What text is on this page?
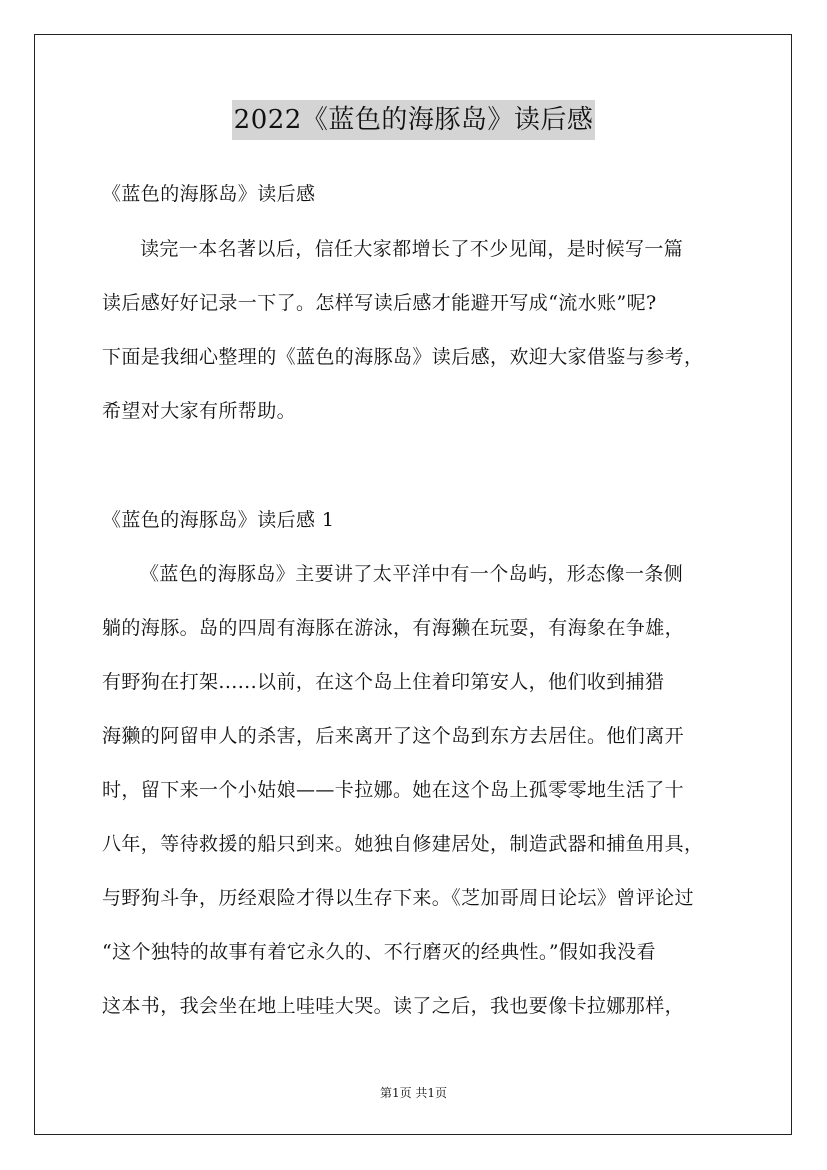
2022《蓝色的海豚岛》读后感
《蓝色的海豚岛》读后感
读完一本名著以后，信任大家都增长了不少见闻，是时候写一篇
读后感好好记录一下了。怎样写读后感才能避开写成“流水账”呢?
下面是我细心整理的《蓝色的海豚岛》读后感，欢迎大家借鉴与参考，
希望对大家有所帮助。
《蓝色的海豚岛》读后感 1
《蓝色的海豚岛》主要讲了太平洋中有一个岛屿，形态像一条侧
躺的海豚。岛的四周有海豚在游泳，有海獭在玩耍，有海象在争雄，
有野狗在打架......以前，在这个岛上住着印第安人，他们收到捕猎
海獭的阿留申人的杀害，后来离开了这个岛到东方去居住。他们离开
时，留下来一个小姑娘——卡拉娜。她在这个岛上孤零零地生活了十
八年，等待救援的船只到来。她独自修建居处，制造武器和捕鱼用具，
与野狗斗争，历经艰险才得以生存下来。《芝加哥周日论坛》曾评论过
“这个独特的故事有着它永久的、不行磨灭的经典性。”假如我没看
这本书，我会坐在地上哇哇大哭。读了之后，我也要像卡拉娜那样，
第1页 共1页
